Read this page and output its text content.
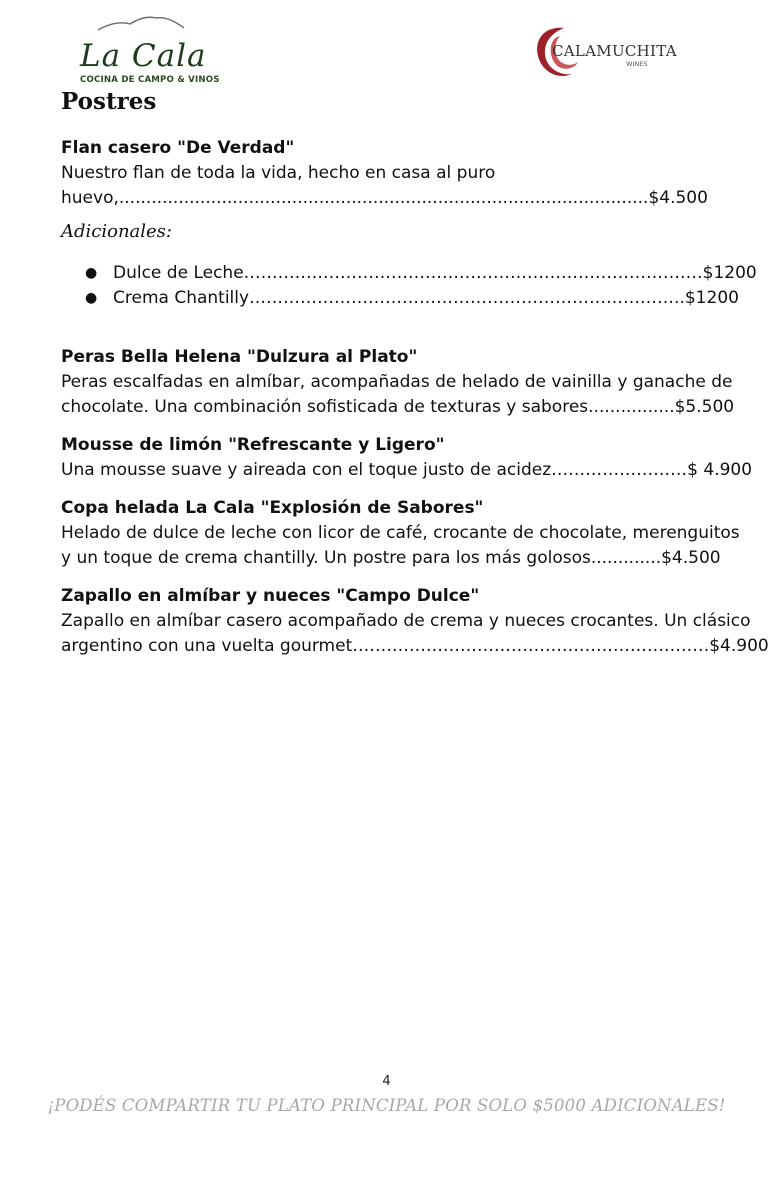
La Cala
COCINA DE CAMPO & VINOS
CALAMUCHITA
WINES
Postres

Flan casero "De Verdad"

Nuestro flan de toda la vida, hecho en casa al puro
huevo,..................................................................................................$4.500

Adicionales:

● Dulce de Leche………………………………………………………………………$1200
● Crema Chantilly…………………………………………………………………..$1200

Peras Bella Helena "Dulzura al Plato"

Peras escalfadas en almíbar, acompañadas de helado de vainilla y ganache de
chocolate. Una combinación sofisticada de texturas y sabores................$5.500

Mousse de limón "Refrescante y Ligero"

Una mousse suave y aireada con el toque justo de acidez……………………$ 4.900

Copa helada La Cala "Explosión de Sabores"

Helado de dulce de leche con licor de café, crocante de chocolate, merenguitos
y un toque de crema chantilly. Un postre para los más golosos.............$4.500

Zapallo en almíbar y nueces "Campo Dulce"

Zapallo en almíbar casero acompañado de crema y nueces crocantes. Un clásico
argentino con una vuelta gourmet………………………………………………………$4.900

4
¡PODÉS COMPARTIR TU PLATO PRINCIPAL POR SOLO $5000 ADICIONALES!
